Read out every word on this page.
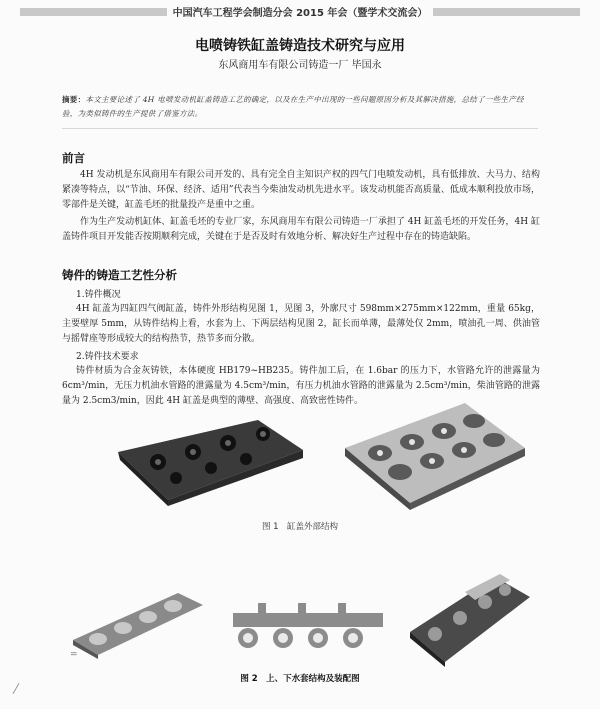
中国汽车工程学会制造分会 2015 年会（暨学术交流会）
电喷铸铁缸盖铸造技术研究与应用
东风商用车有限公司铸造一厂 毕国永
摘要：本文主要论述了 4H 电喷发动机缸盖铸造工艺的确定，以及在生产中出现的一些问题原因分析及其解决措施，总结了一些生产经验，为类似铸件的生产提供了借鉴方法。
前言
4H 发动机是东风商用车有限公司开发的、具有完全自主知识产权的四气门电喷发动机，具有低排放、大马力、结构紧凑等特点，以“节油、环保、经济、适用”代表当今柴油发动机先进水平。该发动机能否高质量、低成本顺利投放市场，零部件是关键，缸盖毛坯的批量投产是重中之重。
作为生产发动机缸体、缸盖毛坯的专业厂家，东风商用车有限公司铸造一厂承担了 4H 缸盖毛坯的开发任务，4H 缸盖铸件项目开发能否按期顺利完成，关键在于是否及时有效地分析、解决好生产过程中存在的铸造缺陷。
铸件的铸造工艺性分析
1.铸件概况
4H 缸盖为四缸四气阀缸盖，铸件外形结构见图 1，见图 3，外廓尺寸 598mm×275mm×122mm，重量 65kg，主要壁厚 5mm，从铸件结构上看，水套为上、下两层结构见图 2，缸长而单薄，最薄处仅 2mm，喷油孔一周、供油管与摇臂座等形成较大的结构热节，热节多而分散。
2.铸件技术要求
铸件材质为合金灰铸铁，本体硬度 HB179~HB235。铸件加工后，在 1.6bar 的压力下，水管路允许的泄露量为 6cm³/min，无压力机油水管路的泄露量为 4.5cm³/min，有压力机油水管路的泄露量为 2.5cm³/min，柴油管路的泄露量为 2.5cm3/min，因此 4H 缸盖是典型的薄壁、高强度、高致密性铸件。
图 1　缸盖外部结构
=
图 2　上、下水套结构及装配图
